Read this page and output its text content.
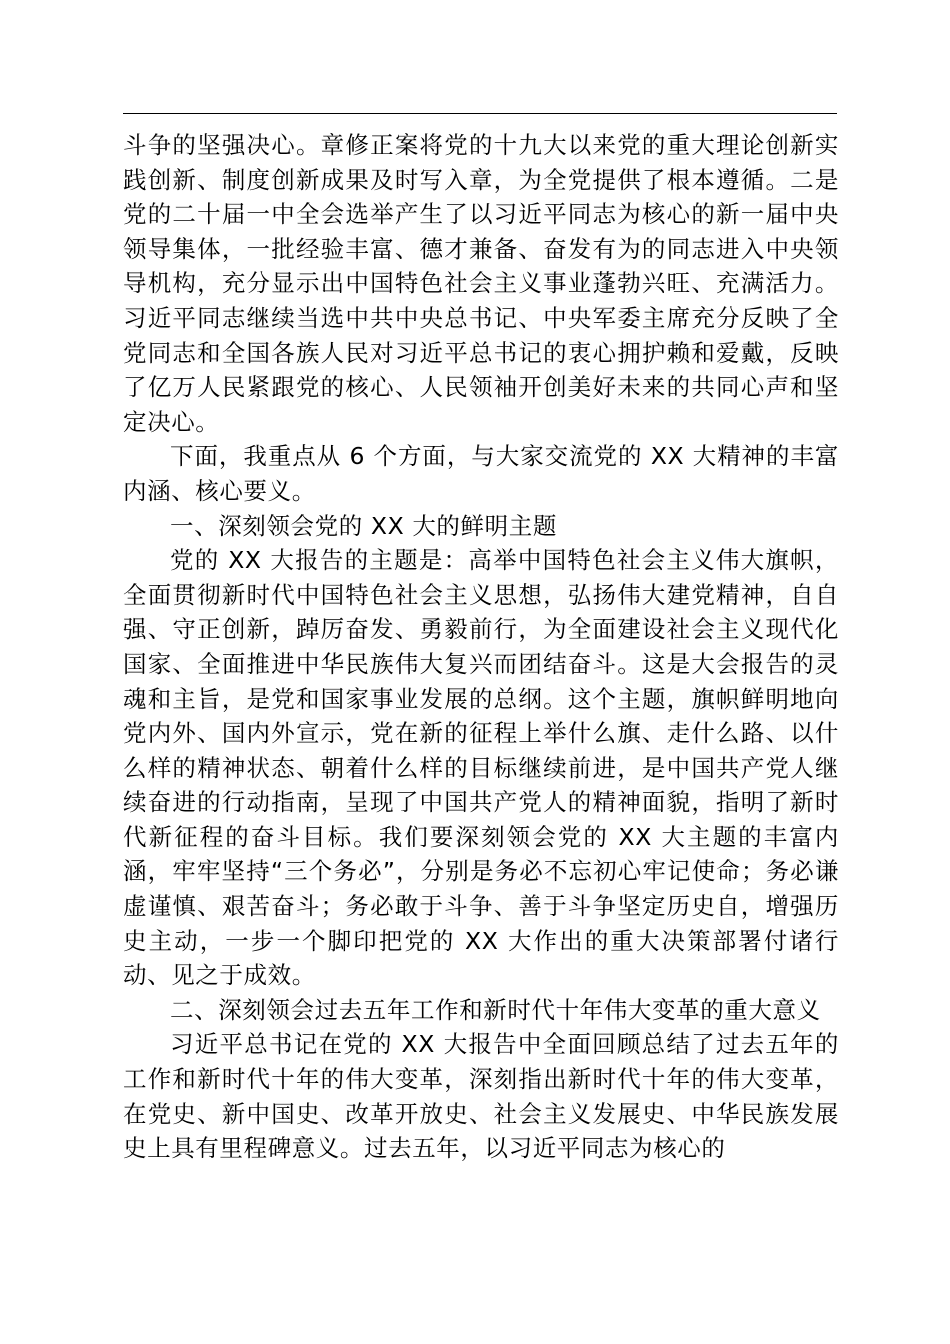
斗争的坚强决心。章修正案将党的十九大以来党的重大理论创新实践创新、制度创新成果及时写入章，为全党提供了根本遵循。二是党的二十届一中全会选举产生了以习近平同志为核心的新一届中央领导集体，一批经验丰富、德才兼备、奋发有为的同志进入中央领导机构，充分显示出中国特色社会主义事业蓬勃兴旺、充满活力。习近平同志继续当选中共中央总书记、中央军委主席充分反映了全党同志和全国各族人民对习近平总书记的衷心拥护赖和爱戴，反映了亿万人民紧跟党的核心、人民领袖开创美好未来的共同心声和坚定决心。

下面，我重点从 6 个方面，与大家交流党的 XX 大精神的丰富内涵、核心要义。

一、深刻领会党的 XX 大的鲜明主题

党的 XX 大报告的主题是：高举中国特色社会主义伟大旗帜，全面贯彻新时代中国特色社会主义思想，弘扬伟大建党精神，自自强、守正创新，踔厉奋发、勇毅前行，为全面建设社会主义现代化国家、全面推进中华民族伟大复兴而团结奋斗。这是大会报告的灵魂和主旨，是党和国家事业发展的总纲。这个主题，旗帜鲜明地向党内外、国内外宣示，党在新的征程上举什么旗、走什么路、以什么样的精神状态、朝着什么样的目标继续前进，是中国共产党人继续奋进的行动指南，呈现了中国共产党人的精神面貌，指明了新时代新征程的奋斗目标。我们要深刻领会党的 XX 大主题的丰富内涵，牢牢坚持“三个务必”，分别是务必不忘初心牢记使命；务必谦虚谨慎、艰苦奋斗；务必敢于斗争、善于斗争坚定历史自，增强历史主动，一步一个脚印把党的 XX 大作出的重大决策部署付诸行动、见之于成效。

二、深刻领会过去五年工作和新时代十年伟大变革的重大意义

习近平总书记在党的 XX 大报告中全面回顾总结了过去五年的工作和新时代十年的伟大变革，深刻指出新时代十年的伟大变革，在党史、新中国史、改革开放史、社会主义发展史、中华民族发展史上具有里程碑意义。过去五年，以习近平同志为核心的
